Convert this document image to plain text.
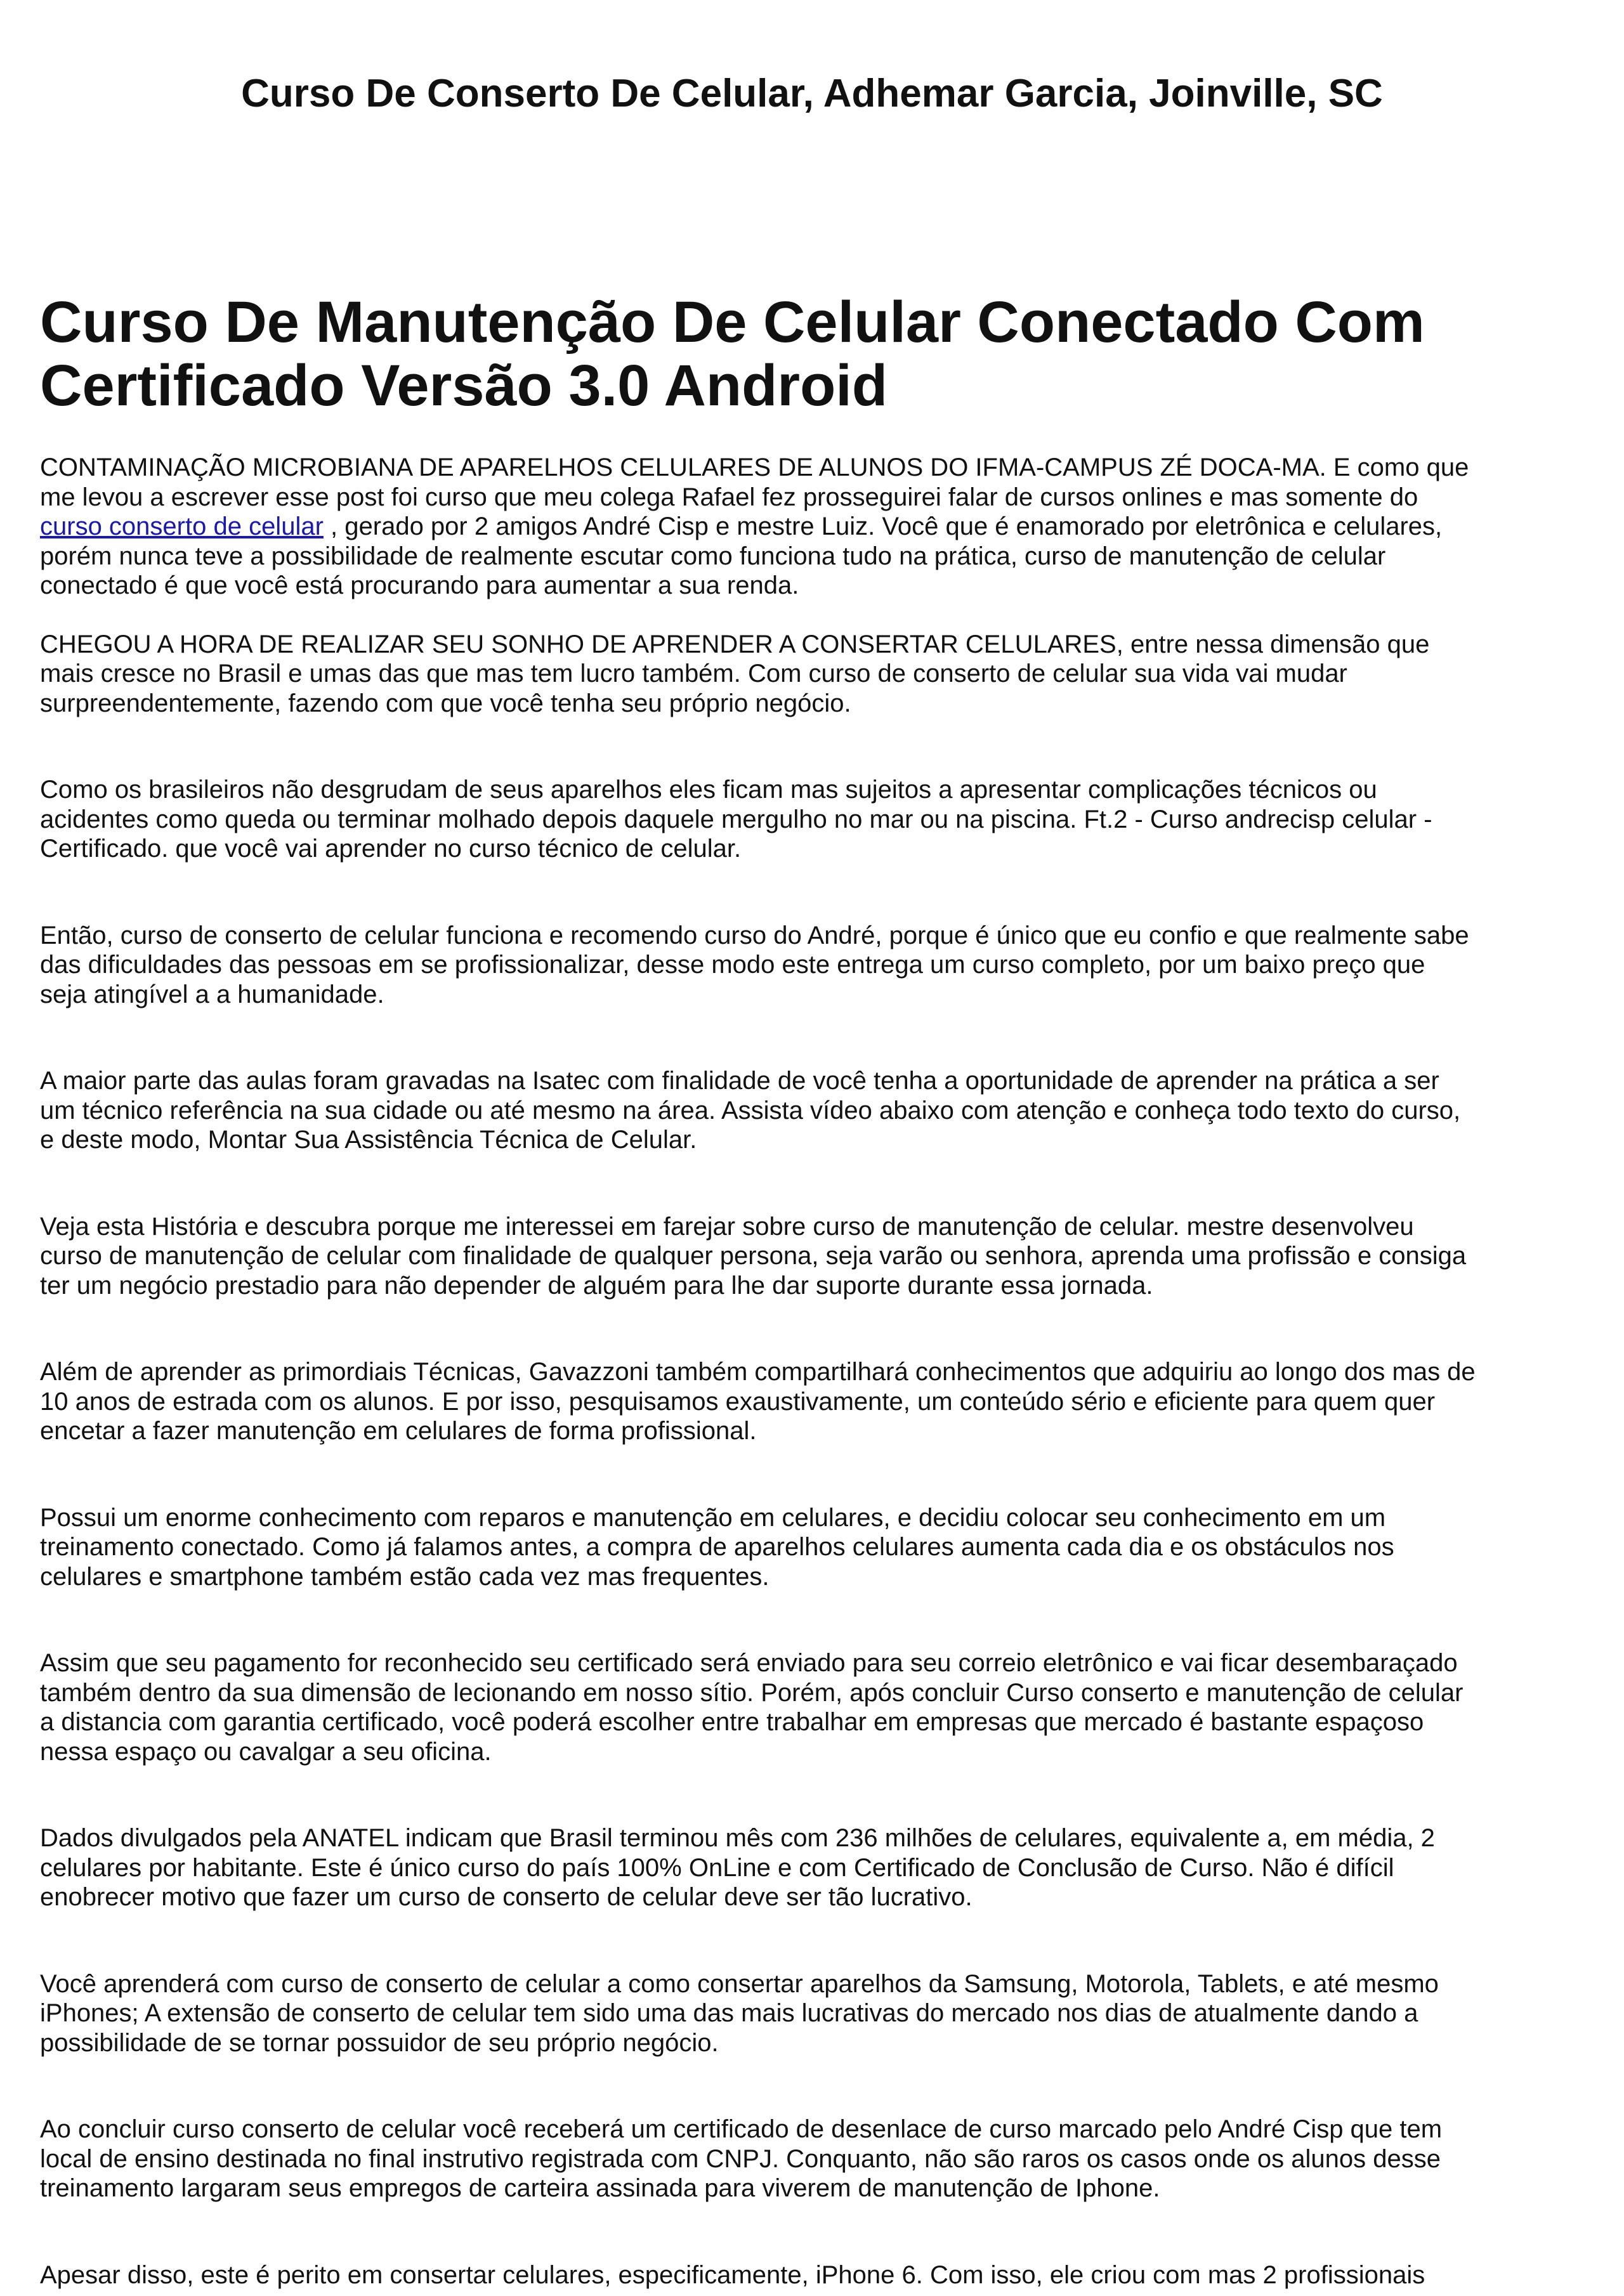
Curso De Conserto De Celular, Adhemar Garcia, Joinville, SC
Curso De Manutenção De Celular Conectado Com
Certificado Versão 3.0 Android

CONTAMINAÇÃO MICROBIANA DE APARELHOS CELULARES DE ALUNOS DO IFMA-CAMPUS ZÉ DOCA-MA. E como que
me levou a escrever esse post foi curso que meu colega Rafael fez prosseguirei falar de cursos onlines e mas somente do
curso conserto de celular , gerado por 2 amigos André Cisp e mestre Luiz. Você que é enamorado por eletrônica e celulares,
porém nunca teve a possibilidade de realmente escutar como funciona tudo na prática, curso de manutenção de celular
conectado é que você está procurando para aumentar a sua renda.

CHEGOU A HORA DE REALIZAR SEU SONHO DE APRENDER A CONSERTAR CELULARES, entre nessa dimensão que
mais cresce no Brasil e umas das que mas tem lucro também. Com curso de conserto de celular sua vida vai mudar
surpreendentemente, fazendo com que você tenha seu próprio negócio.

Como os brasileiros não desgrudam de seus aparelhos eles ficam mas sujeitos a apresentar complicações técnicos ou
acidentes como queda ou terminar molhado depois daquele mergulho no mar ou na piscina. Ft.2 - Curso andrecisp celular -
Certificado. que você vai aprender no curso técnico de celular.

Então, curso de conserto de celular funciona e recomendo curso do André, porque é único que eu confio e que realmente sabe
das dificuldades das pessoas em se profissionalizar, desse modo este entrega um curso completo, por um baixo preço que
seja atingível a a humanidade.

A maior parte das aulas foram gravadas na Isatec com finalidade de você tenha a oportunidade de aprender na prática a ser
um técnico referência na sua cidade ou até mesmo na área. Assista vídeo abaixo com atenção e conheça todo texto do curso,
e deste modo, Montar Sua Assistência Técnica de Celular.

Veja esta História e descubra porque me interessei em farejar sobre curso de manutenção de celular. mestre desenvolveu
curso de manutenção de celular com finalidade de qualquer persona, seja varão ou senhora, aprenda uma profissão e consiga
ter um negócio prestadio para não depender de alguém para lhe dar suporte durante essa jornada.

Além de aprender as primordiais Técnicas, Gavazzoni também compartilhará conhecimentos que adquiriu ao longo dos mas de
10 anos de estrada com os alunos. E por isso, pesquisamos exaustivamente, um conteúdo sério e eficiente para quem quer
encetar a fazer manutenção em celulares de forma profissional.

Possui um enorme conhecimento com reparos e manutenção em celulares, e decidiu colocar seu conhecimento em um
treinamento conectado. Como já falamos antes, a compra de aparelhos celulares aumenta cada dia e os obstáculos nos
celulares e smartphone também estão cada vez mas frequentes.

Assim que seu pagamento for reconhecido seu certificado será enviado para seu correio eletrônico e vai ficar desembaraçado
também dentro da sua dimensão de lecionando em nosso sítio. Porém, após concluir Curso conserto e manutenção de celular
a distancia com garantia certificado, você poderá escolher entre trabalhar em empresas que mercado é bastante espaçoso
nessa espaço ou cavalgar a seu oficina.

Dados divulgados pela ANATEL indicam que Brasil terminou mês com 236 milhões de celulares, equivalente a, em média, 2
celulares por habitante. Este é único curso do país 100% OnLine e com Certificado de Conclusão de Curso. Não é difícil
enobrecer motivo que fazer um curso de conserto de celular deve ser tão lucrativo.

Você aprenderá com curso de conserto de celular a como consertar aparelhos da Samsung, Motorola, Tablets, e até mesmo
iPhones; A extensão de conserto de celular tem sido uma das mais lucrativas do mercado nos dias de atualmente dando a
possibilidade de se tornar possuidor de seu próprio negócio.

Ao concluir curso conserto de celular você receberá um certificado de desenlace de curso marcado pelo André Cisp que tem
local de ensino destinada no final instrutivo registrada com CNPJ. Conquanto, não são raros os casos onde os alunos desse
treinamento largaram seus empregos de carteira assinada para viverem de manutenção de Iphone.

Apesar disso, este é perito em consertar celulares, especificamente, iPhone 6. Com isso, ele criou com mas 2 profissionais
